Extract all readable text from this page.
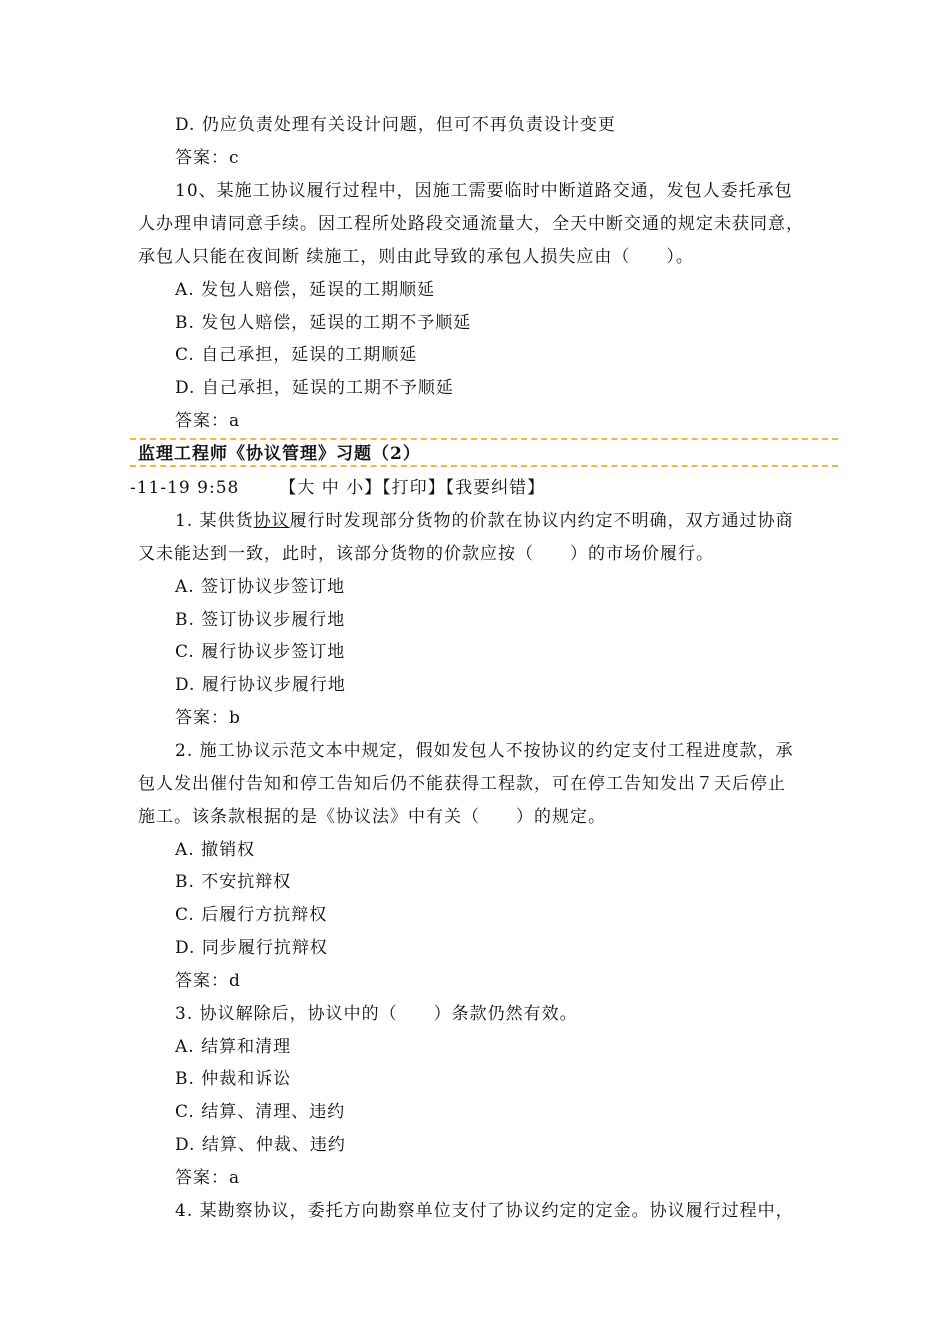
D. 仍应负责处理有关设计问题，但可不再负责设计变更
答案：c
10、某施工协议履行过程中，因施工需要临时中断道路交通，发包人委托承包
人办理申请同意手续。因工程所处路段交通流量大，全天中断交通的规定未获同意，
承包人只能在夜间断 续施工，则由此导致的承包人损失应由（　　）。
A. 发包人赔偿，延误的工期顺延
B. 发包人赔偿，延误的工期不予顺延
C. 自己承担，延误的工期顺延
D. 自己承担，延误的工期不予顺延
答案：a
监理工程师《协议管理》习题（2）
-11-19 9:58 【大 中 小】【打印】【我要纠错】
1. 某供货协议履行时发现部分货物的价款在协议内约定不明确，双方通过协商
又未能达到一致，此时，该部分货物的价款应按（　　）的市场价履行。
A. 签订协议步签订地
B. 签订协议步履行地
C. 履行协议步签订地
D. 履行协议步履行地
答案：b
2. 施工协议示范文本中规定，假如发包人不按协议的约定支付工程进度款，承
包人发出催付告知和停工告知后仍不能获得工程款，可在停工告知发出７天后停止
施工。该条款根据的是《协议法》中有关（　　）的规定。
A. 撤销权
B. 不安抗辩权
C. 后履行方抗辩权
D. 同步履行抗辩权
答案：d
3. 协议解除后，协议中的（　　）条款仍然有效。
A. 结算和清理
B. 仲裁和诉讼
C. 结算、清理、违约
D. 结算、仲裁、违约
答案：a
4. 某勘察协议，委托方向勘察单位支付了协议约定的定金。协议履行过程中，
